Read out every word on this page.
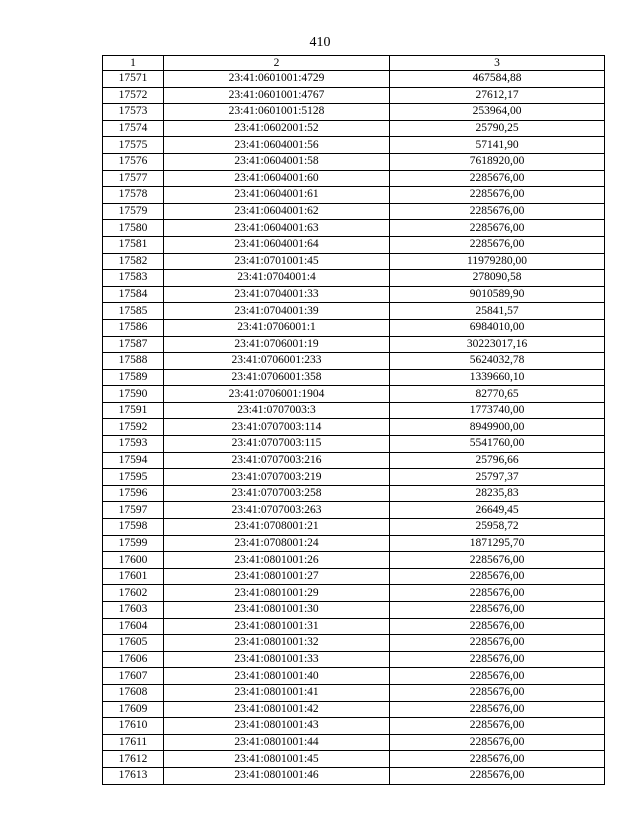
410
1	2	3
17571	23:41:0601001:4729	467584,88
17572	23:41:0601001:4767	27612,17
17573	23:41:0601001:5128	253964,00
17574	23:41:0602001:52	25790,25
17575	23:41:0604001:56	57141,90
17576	23:41:0604001:58	7618920,00
17577	23:41:0604001:60	2285676,00
17578	23:41:0604001:61	2285676,00
17579	23:41:0604001:62	2285676,00
17580	23:41:0604001:63	2285676,00
17581	23:41:0604001:64	2285676,00
17582	23:41:0701001:45	11979280,00
17583	23:41:0704001:4	278090,58
17584	23:41:0704001:33	9010589,90
17585	23:41:0704001:39	25841,57
17586	23:41:0706001:1	6984010,00
17587	23:41:0706001:19	30223017,16
17588	23:41:0706001:233	5624032,78
17589	23:41:0706001:358	1339660,10
17590	23:41:0706001:1904	82770,65
17591	23:41:0707003:3	1773740,00
17592	23:41:0707003:114	8949900,00
17593	23:41:0707003:115	5541760,00
17594	23:41:0707003:216	25796,66
17595	23:41:0707003:219	25797,37
17596	23:41:0707003:258	28235,83
17597	23:41:0707003:263	26649,45
17598	23:41:0708001:21	25958,72
17599	23:41:0708001:24	1871295,70
17600	23:41:0801001:26	2285676,00
17601	23:41:0801001:27	2285676,00
17602	23:41:0801001:29	2285676,00
17603	23:41:0801001:30	2285676,00
17604	23:41:0801001:31	2285676,00
17605	23:41:0801001:32	2285676,00
17606	23:41:0801001:33	2285676,00
17607	23:41:0801001:40	2285676,00
17608	23:41:0801001:41	2285676,00
17609	23:41:0801001:42	2285676,00
17610	23:41:0801001:43	2285676,00
17611	23:41:0801001:44	2285676,00
17612	23:41:0801001:45	2285676,00
17613	23:41:0801001:46	2285676,00
